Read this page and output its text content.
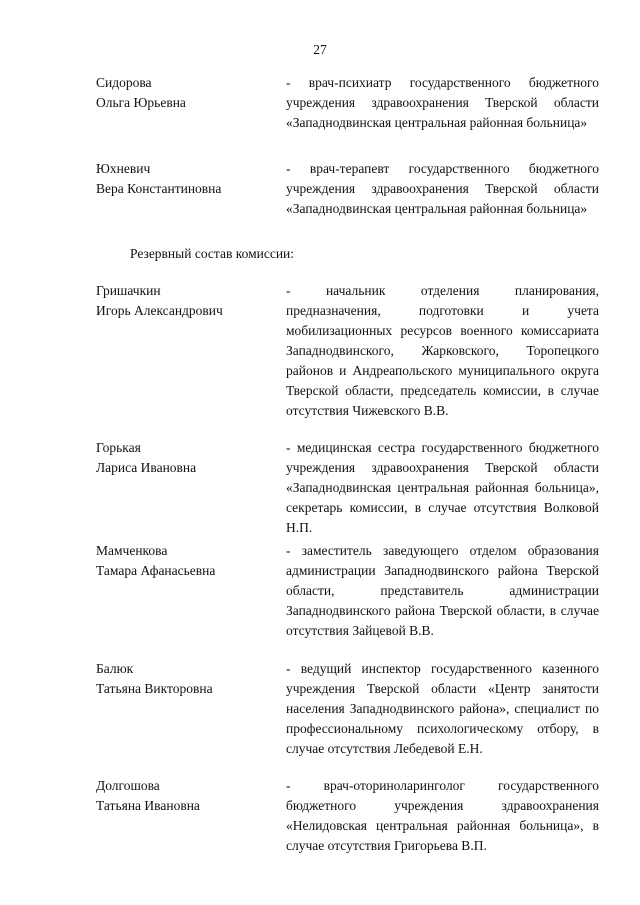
27
Сидорова
Ольга Юрьевна
- врач-психиатр государственного бюджетного учреждения здравоохранения Тверской области «Западнодвинская центральная районная больница»
Юхневич
Вера Константиновна
- врач-терапевт государственного бюджетного учреждения здравоохранения Тверской области «Западнодвинская центральная районная больница»
Резервный состав комиссии:
Гришачкин
Игорь Александрович
- начальник отделения планирования, предназначения, подготовки и учета мобилизационных ресурсов военного комиссариата Западнодвинского, Жарковского, Торопецкого районов и Андреапольского муниципального округа Тверской области, председатель комиссии, в случае отсутствия Чижевского В.В.
Горькая
Лариса Ивановна
- медицинская сестра государственного бюджетного учреждения здравоохранения Тверской области «Западнодвинская центральная районная больница», секретарь комиссии, в случае отсутствия Волковой Н.П.
Мамченкова
Тамара Афанасьевна
- заместитель заведующего отделом образования администрации Западнодвинского района Тверской области, представитель администрации Западнодвинского района Тверской области, в случае отсутствия Зайцевой В.В.
Балюк
Татьяна Викторовна
- ведущий инспектор государственного казенного учреждения Тверской области «Центр занятости населения Западнодвинского района», специалист по профессиональному психологическому отбору, в случае отсутствия Лебедевой Е.Н.
Долгошова
Татьяна Ивановна
- врач-оториноларинголог государственного бюджетного учреждения здравоохранения «Нелидовская центральная районная больница», в случае отсутствия Григорьева В.П.
